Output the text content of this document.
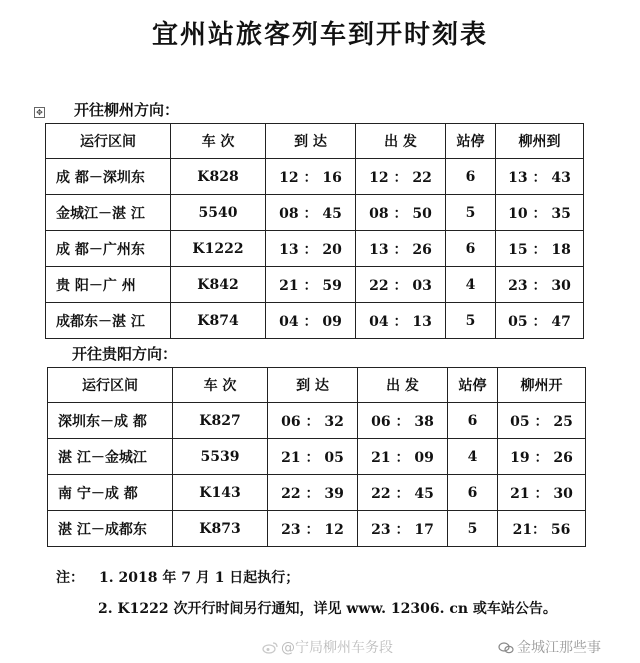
宜州站旅客列车到开时刻表
✥ 开往柳州方向：
运行区间	车 次	到 达	出 发	站停	柳州到
成 都－深圳东	K828	12 ： 16	12 ： 22	6	13 ： 43
金城江－湛 江	5540	08 ： 45	08 ： 50	5	10 ： 35
成 都－广州东	K1222	13 ： 20	13 ： 26	6	15 ： 18
贵 阳－广 州	K842	21 ： 59	22 ： 03	4	23 ： 30
成都东－湛 江	K874	04 ： 09	04 ： 13	5	05 ： 47
开往贵阳方向：
运行区间	车 次	到 达	出 发	站停	柳州开
深圳东－成 都	K827	06 ： 32	06 ： 38	6	05 ： 25
湛 江－金城江	5539	21 ： 05	21 ： 09	4	19 ： 26
南 宁－成 都	K143	22 ： 39	22 ： 45	6	21 ： 30
湛 江－成都东	K873	23 ： 12	23 ： 17	5	21： 56
注： 1. 2018 年 7 月 1 日起执行；
2. K1222 次开行时间另行通知，详见 www. 12306. cn 或车站公告。
@宁局柳州车务段	金城江那些事
